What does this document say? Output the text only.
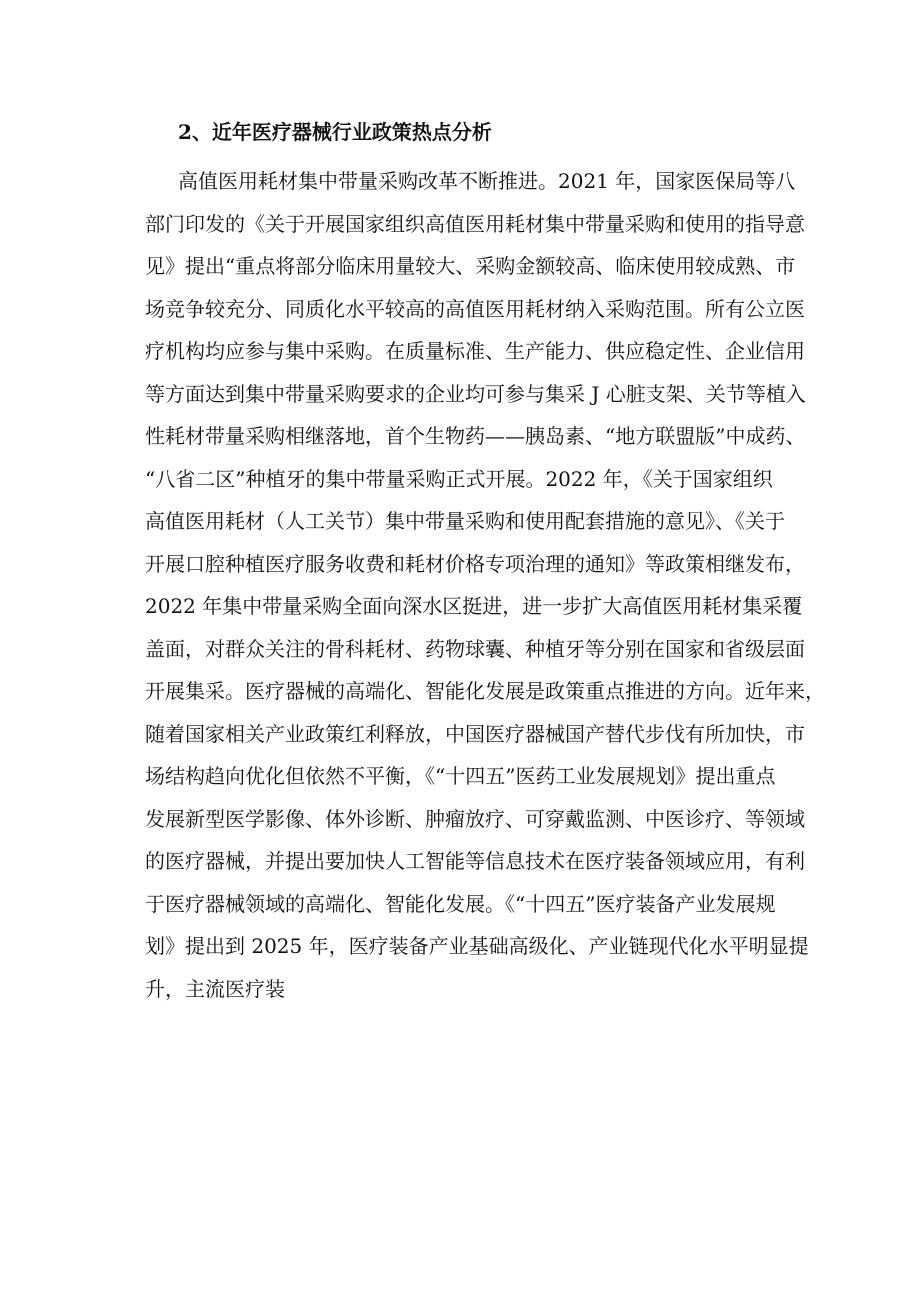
2、近年医疗器械行业政策热点分析
高值医用耗材集中带量采购改革不断推进。2021 年，国家医保局等八
部门印发的《关于开展国家组织高值医用耗材集中带量采购和使用的指导意
见》提出“重点将部分临床用量较大、采购金额较高、临床使用较成熟、市
场竞争较充分、同质化水平较高的高值医用耗材纳入采购范围。所有公立医
疗机构均应参与集中采购。在质量标准、生产能力、供应稳定性、企业信用
等方面达到集中带量采购要求的企业均可参与集采 J 心脏支架、关节等植入
性耗材带量采购相继落地，首个生物药——胰岛素、“地方联盟版”中成药、
“八省二区”种植牙的集中带量采购正式开展。2022 年，《关于国家组织
高值医用耗材（人工关节）集中带量采购和使用配套措施的意见》、《关于
开展口腔种植医疗服务收费和耗材价格专项治理的通知》等政策相继发布，
2022 年集中带量采购全面向深水区挺进，进一步扩大高值医用耗材集采覆
盖面，对群众关注的骨科耗材、药物球囊、种植牙等分别在国家和省级层面
开展集采。医疗器械的高端化、智能化发展是政策重点推进的方向。近年来，
随着国家相关产业政策红利释放，中国医疗器械国产替代步伐有所加快，市
场结构趋向优化但依然不平衡，《“十四五”医药工业发展规划》提出重点
发展新型医学影像、体外诊断、肿瘤放疗、可穿戴监测、中医诊疗、等领域
的医疗器械，并提出要加快人工智能等信息技术在医疗装备领域应用，有利
于医疗器械领域的高端化、智能化发展。《“十四五”医疗装备产业发展规
划》提出到 2025 年，医疗装备产业基础高级化、产业链现代化水平明显提
升，主流医疗装
